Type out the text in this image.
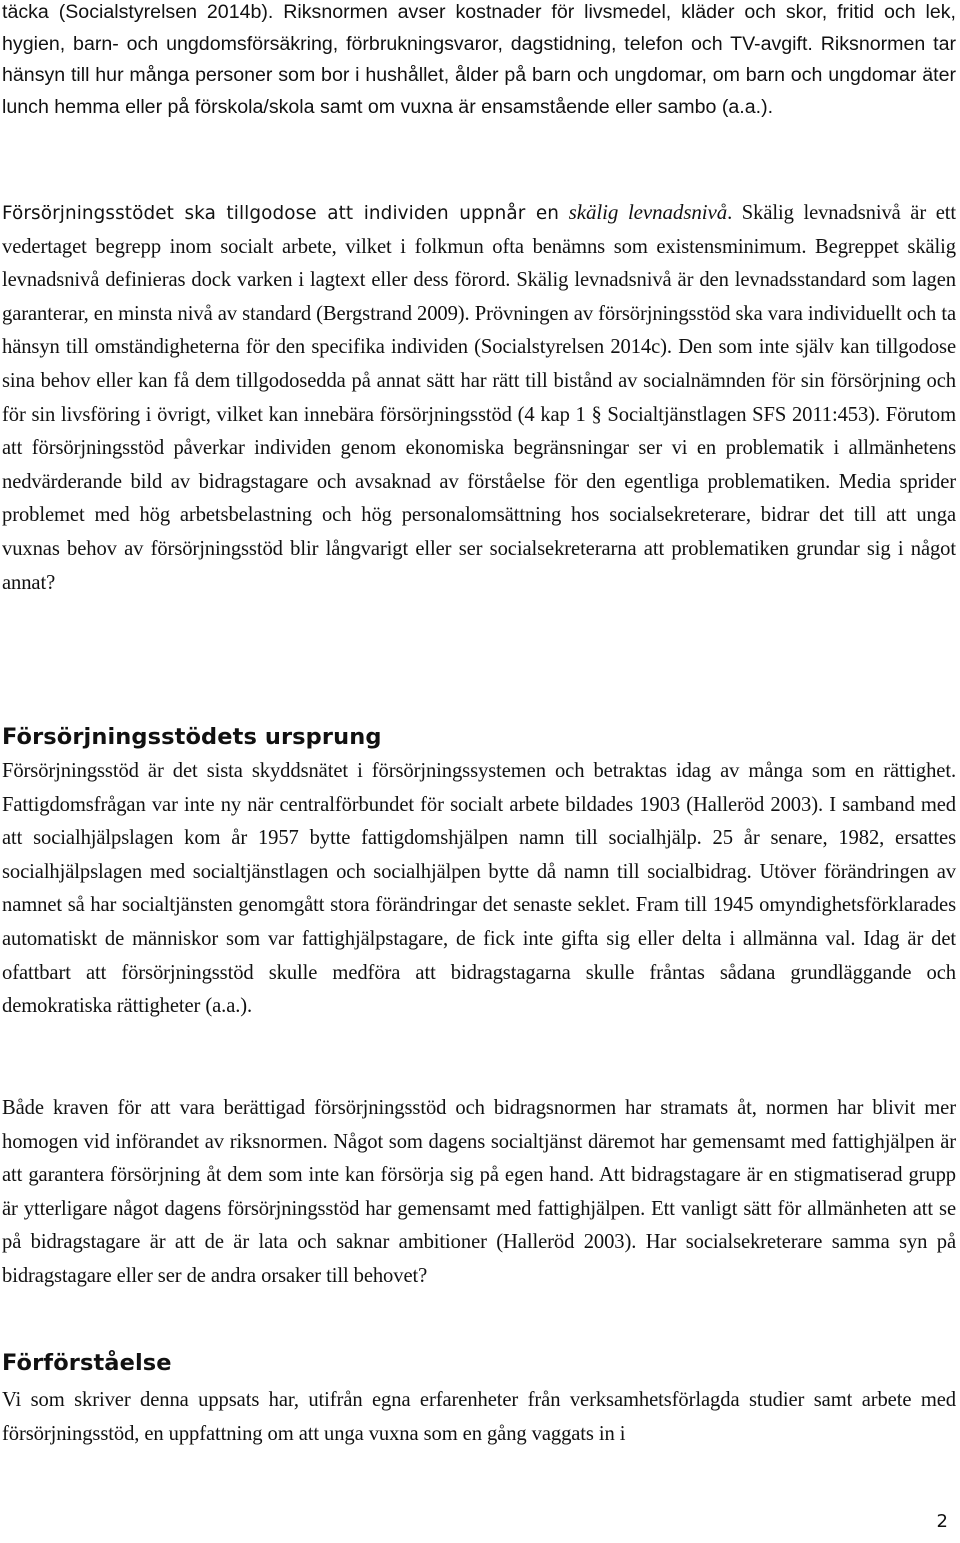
täcka (Socialstyrelsen 2014b). Riksnormen avser kostnader för livsmedel, kläder och skor, fritid och lek, hygien, barn- och ungdomsförsäkring, förbrukningsvaror, dagstidning, telefon och TV-avgift. Riksnormen tar hänsyn till hur många personer som bor i hushållet, ålder på barn och ungdomar, om barn och ungdomar äter lunch hemma eller på förskola/skola samt om vuxna är ensamstående eller sambo (a.a.).

Försörjningsstödet ska tillgodose att individen uppnår en skälig levnadsnivå. Skälig levnadsnivå är ett vedertaget begrepp inom socialt arbete, vilket i folkmun ofta benämns som existensminimum. Begreppet skälig levnadsnivå definieras dock varken i lagtext eller dess förord. Skälig levnadsnivå är den levnadsstandard som lagen garanterar, en minsta nivå av standard (Bergstrand 2009). Prövningen av försörjningsstöd ska vara individuellt och ta hänsyn till omständigheterna för den specifika individen (Socialstyrelsen 2014c). Den som inte själv kan tillgodose sina behov eller kan få dem tillgodosedda på annat sätt har rätt till bistånd av socialnämnden för sin försörjning och för sin livsföring i övrigt, vilket kan innebära försörjningsstöd (4 kap 1 § Socialtjänstlagen SFS 2011:453). Förutom att försörjningsstöd påverkar individen genom ekonomiska begränsningar ser vi en problematik i allmänhetens nedvärderande bild av bidragstagare och avsaknad av förståelse för den egentliga problematiken. Media sprider problemet med hög arbetsbelastning och hög personalomsättning hos socialsekreterare, bidrar det till att unga vuxnas behov av försörjningsstöd blir långvarigt eller ser socialsekreterarna att problematiken grundar sig i något annat?

Försörjningsstödets ursprung

Försörjningsstöd är det sista skyddsnätet i försörjningssystemen och betraktas idag av många som en rättighet. Fattigdomsfrågan var inte ny när centralförbundet för socialt arbete bildades 1903 (Halleröd 2003). I samband med att socialhjälpslagen kom år 1957 bytte fattigdomshjälpen namn till socialhjälp. 25 år senare, 1982, ersattes socialhjälpslagen med socialtjänstlagen och socialhjälpen bytte då namn till socialbidrag. Utöver förändringen av namnet så har socialtjänsten genomgått stora förändringar det senaste seklet. Fram till 1945 omyndighetsförklarades automatiskt de människor som var fattighjälpstagare, de fick inte gifta sig eller delta i allmänna val. Idag är det ofattbart att försörjningsstöd skulle medföra att bidragstagarna skulle fråntas sådana grundläggande och demokratiska rättigheter (a.a.).

Både kraven för att vara berättigad försörjningsstöd och bidragsnormen har stramats åt, normen har blivit mer homogen vid införandet av riksnormen. Något som dagens socialtjänst däremot har gemensamt med fattighjälpen är att garantera försörjning åt dem som inte kan försörja sig på egen hand. Att bidragstagare är en stigmatiserad grupp är ytterligare något dagens försörjningsstöd har gemensamt med fattighjälpen. Ett vanligt sätt för allmänheten att se på bidragstagare är att de är lata och saknar ambitioner (Halleröd 2003). Har socialsekreterare samma syn på bidragstagare eller ser de andra orsaker till behovet?

Förförståelse

Vi som skriver denna uppsats har, utifrån egna erfarenheter från verksamhetsförlagda studier samt arbete med försörjningsstöd, en uppfattning om att unga vuxna som en gång vaggats in i

2
